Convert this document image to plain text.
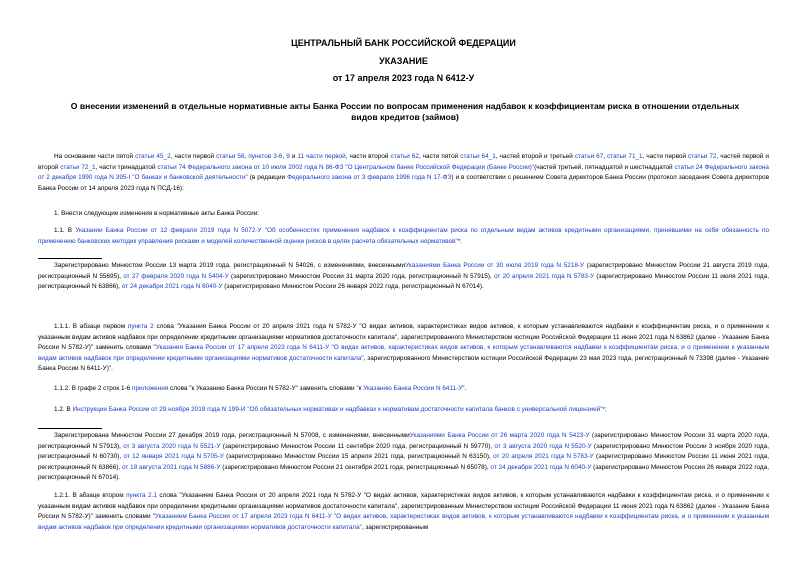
ЦЕНТРАЛЬНЫЙ БАНК РОССИЙСКОЙ ФЕДЕРАЦИИ
УКАЗАНИЕ
от 17 апреля 2023 года N 6412-У
О внесении изменений в отдельные нормативные акты Банка России по вопросам применения надбавок к коэффициентам риска в отношении отдельных видов кредитов (займов)
На основании части пятой статьи 45_2, части первой статьи 56, пунктов 3-6, 9 и 11 части первой, части второй статьи 62, части пятой статьи 64_1, частей второй и третьей статьи 67, статьи 71_1, части первой статьи 72, частей первой и второй статьи 72_1, части тринадцатой статьи 74 Федерального закона от 10 июля 2002 года N 86-ФЗ "О Центральном банке Российской Федерации (Банке России)"(частей третьей, пятнадцатой и шестнадцатой статьи 24 Федерального закона от 2 декабря 1990 года N 395-I "О банках и банковской деятельности" (в редакции Федерального закона от 3 февраля 1996 года N 17-ФЗ) и в соответствии с решением Совета директоров Банка России (протокол заседания Совета директоров Банка России от 14 апреля 2023 года N ПСД-16):
1. Внести следующие изменения в нормативные акты Банка России:
1.1. В Указании Банка России от 12 февраля 2019 года N 5072-У "Об особенностях применения надбавок к коэффициентам риска по отдельным видам активов кредитными организациями, принявшими на себя обязанность по применению банковских методик управления рисками и моделей количественной оценки рисков в целях расчета обязательных нормативов"*:
Зарегистрировано Минюстом России 13 марта 2019 года, регистрационный N 54026, с изменениями, внесеннымиУказаниями Банка России от 30 июля 2019 года N 5218-У (зарегистрировано Минюстом России 21 августа 2019 года, регистрационный N 55695), от 27 февраля 2020 года N 5404-У (зарегистрировано Минюстом России 31 марта 2020 года, регистрационный N 57915), от 20 апреля 2021 года N 5783-У (зарегистрировано Минюстом России 11 июля 2021 года, регистрационный N 63866), от 24 декабря 2021 года N 6040-У (зарегистрировано Минюстом России 26 января 2022 года, регистрационный N 67014).
1.1.1. В абзаце первом пункта 2 слова "Указания Банка России от 20 апреля 2021 года N 5782-У "О видах активов, характеристиках видов активов, к которым устанавливаются надбавки к коэффициентам риска, и о применении к указанным видам активов надбавок при определении кредитными организациями нормативов достаточности капитала", зарегистрированного Министерством юстиции Российской Федерации 11 июня 2021 года N 63862 (далее - Указание Банка России N 5782-У)" заменить словами "Указания Банка России от 17 апреля 2023 года N 6411-У "О видах активов, характеристиках видов активов, к которым устанавливаются надбавки к коэффициентам риска, и о применении к указанным видам активов надбавок при определении кредитными организациями нормативов достаточности капитала", зарегистрированного Министерством юстиции Российской Федерации 23 мая 2023 года, регистрационный N 73398 (далее - Указание Банка России N 6411-У)".
1.1.2. В графе 2 строк 1-6 приложения слова "к Указанию Банка России N 5782-У" заменить словами "к Указанию Банка России N 6411-У".
1.2. В Инструкции Банка России от 29 ноября 2019 года N 199-И "Об обязательных нормативах и надбавках к нормативам достаточности капитала банков с универсальной лицензией"*:
Зарегистрирована Минюстом России 27 декабря 2019 года, регистрационный N 57008, с изменениями, внесеннымиУказаниями Банка России от 26 марта 2020 года N 5423-У (зарегистрировано Минюстом России 31 марта 2020 года, регистрационный N 57913), от 3 августа 2020 года N 5521-У (зарегистрировано Минюстом России 11 сентября 2020 года, регистрационный N 59770), от 3 августа 2020 года N 5520-У (зарегистрировано Минюстом России 3 ноября 2020 года, регистрационный N 60730), от 12 января 2021 года N 5705-У (зарегистрировано Минюстом России 15 апреля 2021 года, регистрационный N 63150), от 20 апреля 2021 года N 5783-У (зарегистрировано Минюстом России 11 июня 2021 года, регистрационный N 63866), от 18 августа 2021 года N 5886-У (зарегистрировано Минюстом России 21 сентября 2021 года, регистрационный N 65078), от 24 декабря 2021 года N 6040-У (зарегистрировано Минюстом России 26 января 2022 года, регистрационный N 67014).
1.2.1. В абзаце втором пункта 2.1 слова "Указанием Банка России от 20 апреля 2021 года N 5782-У "О видах активов, характеристиках видов активов, к которым устанавливаются надбавки к коэффициентам риска, и о применении к указанным видам активов надбавок при определении кредитными организациями нормативов достаточности капитала", зарегистрированным Министерством юстиции Российской Федерации 11 июня 2021 года N 63862 (далее - Указание Банка России N 5782-У)" заменить словами "Указанием Банка России от 17 апреля 2023 года N 6411-У "О видах активов, характеристиках видов активов, к которым устанавливаются надбавки к коэффициентам риска, и о применении к указанным видам активов надбавок при определении кредитными организациями нормативов достаточности капитала", зарегистрированным
